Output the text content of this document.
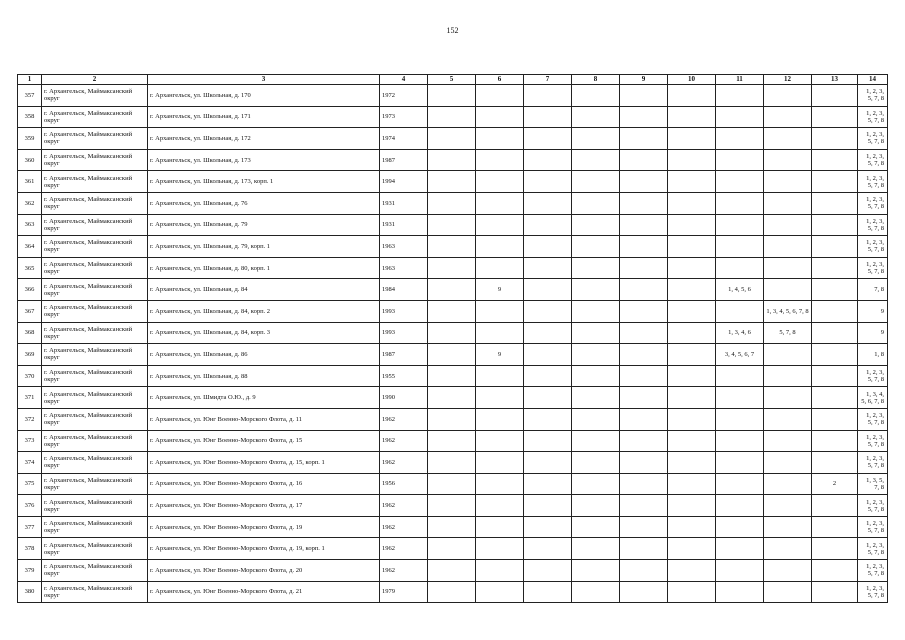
152
1	2	3	4	5	6	7	8	9	10	11	12	13	14
357	г. Архангельск, Маймаксанский округ	г. Архангельск, ул. Школьная, д. 170	1972										1, 2, 3, 5, 7, 8
358	г. Архангельск, Маймаксанский округ	г. Архангельск, ул. Школьная, д. 171	1973										1, 2, 3, 5, 7, 8
359	г. Архангельск, Маймаксанский округ	г. Архангельск, ул. Школьная, д. 172	1974										1, 2, 3, 5, 7, 8
360	г. Архангельск, Маймаксанский округ	г. Архангельск, ул. Школьная, д. 173	1987										1, 2, 3, 5, 7, 8
361	г. Архангельск, Маймаксанский округ	г. Архангельск, ул. Школьная, д. 173, корп. 1	1994										1, 2, 3, 5, 7, 8
362	г. Архангельск, Маймаксанский округ	г. Архангельск, ул. Школьная, д. 76	1931										1, 2, 3, 5, 7, 8
363	г. Архангельск, Маймаксанский округ	г. Архангельск, ул. Школьная, д. 79	1931										1, 2, 3, 5, 7, 8
364	г. Архангельск, Маймаксанский округ	г. Архангельск, ул. Школьная, д. 79, корп. 1	1963										1, 2, 3, 5, 7, 8
365	г. Архангельск, Маймаксанский округ	г. Архангельск, ул. Школьная, д. 80, корп. 1	1963										1, 2, 3, 5, 7, 8
366	г. Архангельск, Маймаксанский округ	г. Архангельск, ул. Школьная, д. 84	1984		9					1, 4, 5, 6			7, 8
367	г. Архангельск, Маймаксанский округ	г. Архангельск, ул. Школьная, д. 84, корп. 2	1993								1, 3, 4, 5, 6, 7, 8		9
368	г. Архангельск, Маймаксанский округ	г. Архангельск, ул. Школьная, д. 84, корп. 3	1993							1, 3, 4, 6	5, 7, 8		9
369	г. Архангельск, Маймаксанский округ	г. Архангельск, ул. Школьная, д. 86	1987		9					3, 4, 5, 6, 7			1, 8
370	г. Архангельск, Маймаксанский округ	г. Архангельск, ул. Школьная, д. 88	1955										1, 2, 3, 5, 7, 8
371	г. Архангельск, Маймаксанский округ	г. Архангельск, ул. Шмидта О.Ю., д. 9	1990										1, 3, 4, 5, 6, 7, 8
372	г. Архангельск, Маймаксанский округ	г. Архангельск, ул. Юнг Военно-Морского Флота, д. 11	1962										1, 2, 3, 5, 7, 8
373	г. Архангельск, Маймаксанский округ	г. Архангельск, ул. Юнг Военно-Морского Флота, д. 15	1962										1, 2, 3, 5, 7, 8
374	г. Архангельск, Маймаксанский округ	г. Архангельск, ул. Юнг Военно-Морского Флота, д. 15, корп. 1	1962										1, 2, 3, 5, 7, 8
375	г. Архангельск, Маймаксанский округ	г. Архангельск, ул. Юнг Военно-Морского Флота, д. 16	1956									2	1, 3, 5, 7, 8
376	г. Архангельск, Маймаксанский округ	г. Архангельск, ул. Юнг Военно-Морского Флота, д. 17	1962										1, 2, 3, 5, 7, 8
377	г. Архангельск, Маймаксанский округ	г. Архангельск, ул. Юнг Военно-Морского Флота, д. 19	1962										1, 2, 3, 5, 7, 8
378	г. Архангельск, Маймаксанский округ	г. Архангельск, ул. Юнг Военно-Морского Флота, д. 19, корп. 1	1962										1, 2, 3, 5, 7, 8
379	г. Архангельск, Маймаксанский округ	г. Архангельск, ул. Юнг Военно-Морского Флота, д. 20	1962										1, 2, 3, 5, 7, 8
380	г. Архангельск, Маймаксанский округ	г. Архангельск, ул. Юнг Военно-Морского Флота, д. 21	1979										1, 2, 3, 5, 7, 8
